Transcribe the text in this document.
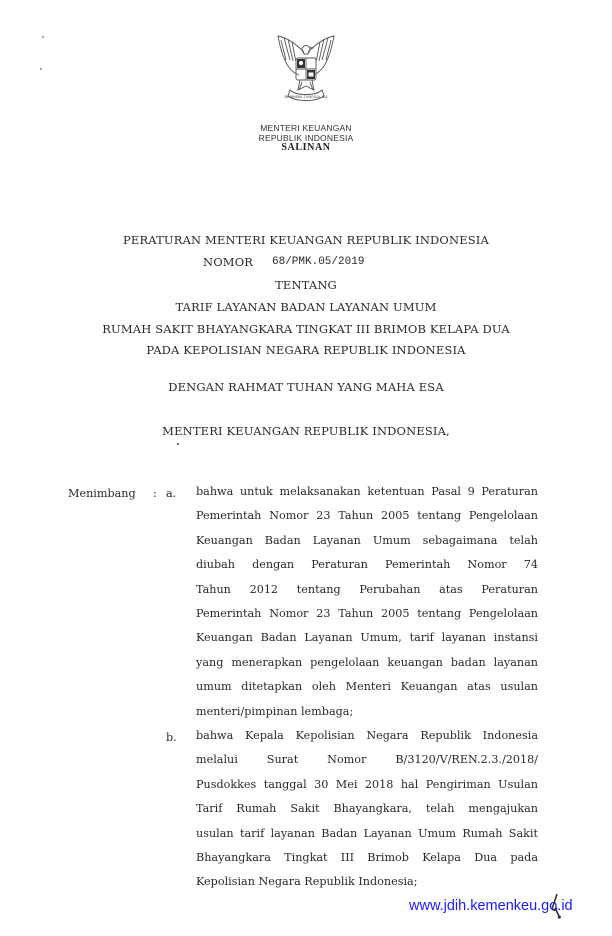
BHINNEKA TUNGGAL IKA
MENTERI KEUANGAN
REPUBLIK INDONESIA
SALINAN
PERATURAN MENTERI KEUANGAN REPUBLIK INDONESIA
NOMOR 68/PMK.05/2019
TENTANG
TARIF LAYANAN BADAN LAYANAN UMUM
RUMAH SAKIT BHAYANGKARA TINGKAT III BRIMOB KELAPA DUA
PADA KEPOLISIAN NEGARA REPUBLIK INDONESIA
DENGAN RAHMAT TUHAN YANG MAHA ESA
MENTERI KEUANGAN REPUBLIK INDONESIA,
Menimbang : a. bahwa untuk melaksanakan ketentuan Pasal 9 Peraturan
Pemerintah Nomor 23 Tahun 2005 tentang Pengelolaan
Keuangan Badan Layanan Umum sebagaimana telah
diubah dengan Peraturan Pemerintah Nomor 74
Tahun 2012 tentang Perubahan atas Peraturan
Pemerintah Nomor 23 Tahun 2005 tentang Pengelolaan
Keuangan Badan Layanan Umum, tarif layanan instansi
yang menerapkan pengelolaan keuangan badan layanan
umum ditetapkan oleh Menteri Keuangan atas usulan
menteri/pimpinan lembaga;
b. bahwa Kepala Kepolisian Negara Republik Indonesia
melalui Surat Nomor B/3120/V/REN.2.3./2018/
Pusdokkes tanggal 30 Mei 2018 hal Pengiriman Usulan
Tarif Rumah Sakit Bhayangkara, telah mengajukan
usulan tarif layanan Badan Layanan Umum Rumah Sakit
Bhayangkara Tingkat III Brimob Kelapa Dua pada
Kepolisian Negara Republik Indonesia;
www.jdih.kemenkeu.go.id
